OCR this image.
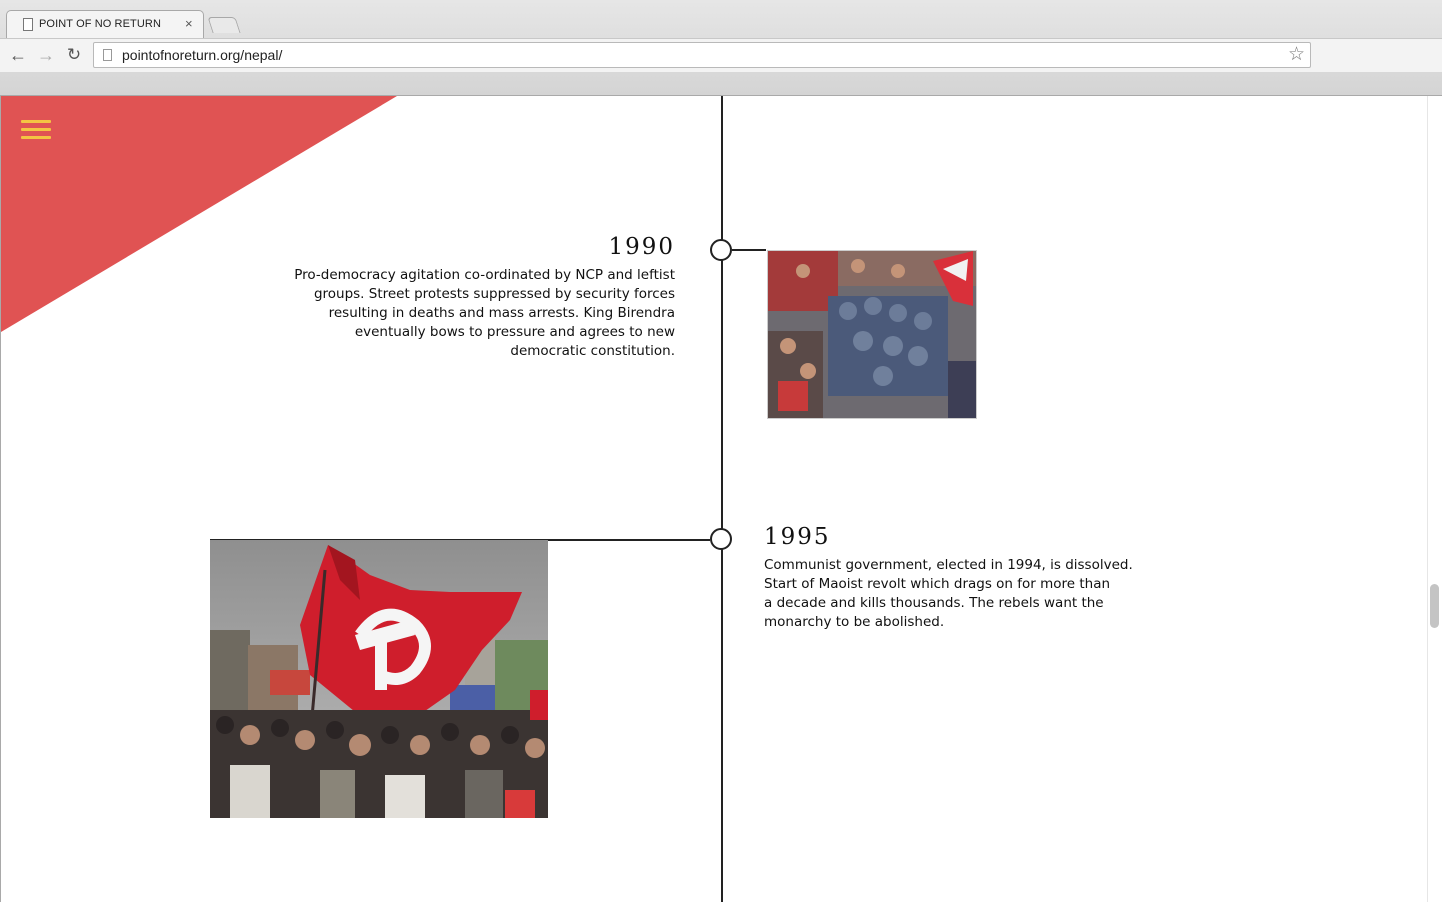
POINT OF NO RETURN ×
← → ↻	pointofnoreturn.org/nepal/	☆
1990
Pro-democracy agitation co-ordinated by NCP and leftist
groups. Street protests suppressed by security forces
resulting in deaths and mass arrests. King Birendra
eventually bows to pressure and agrees to new
democratic constitution.
1995
Communist government, elected in 1994, is dissolved.
Start of Maoist revolt which drags on for more than
a decade and kills thousands. The rebels want the
monarchy to be abolished.
